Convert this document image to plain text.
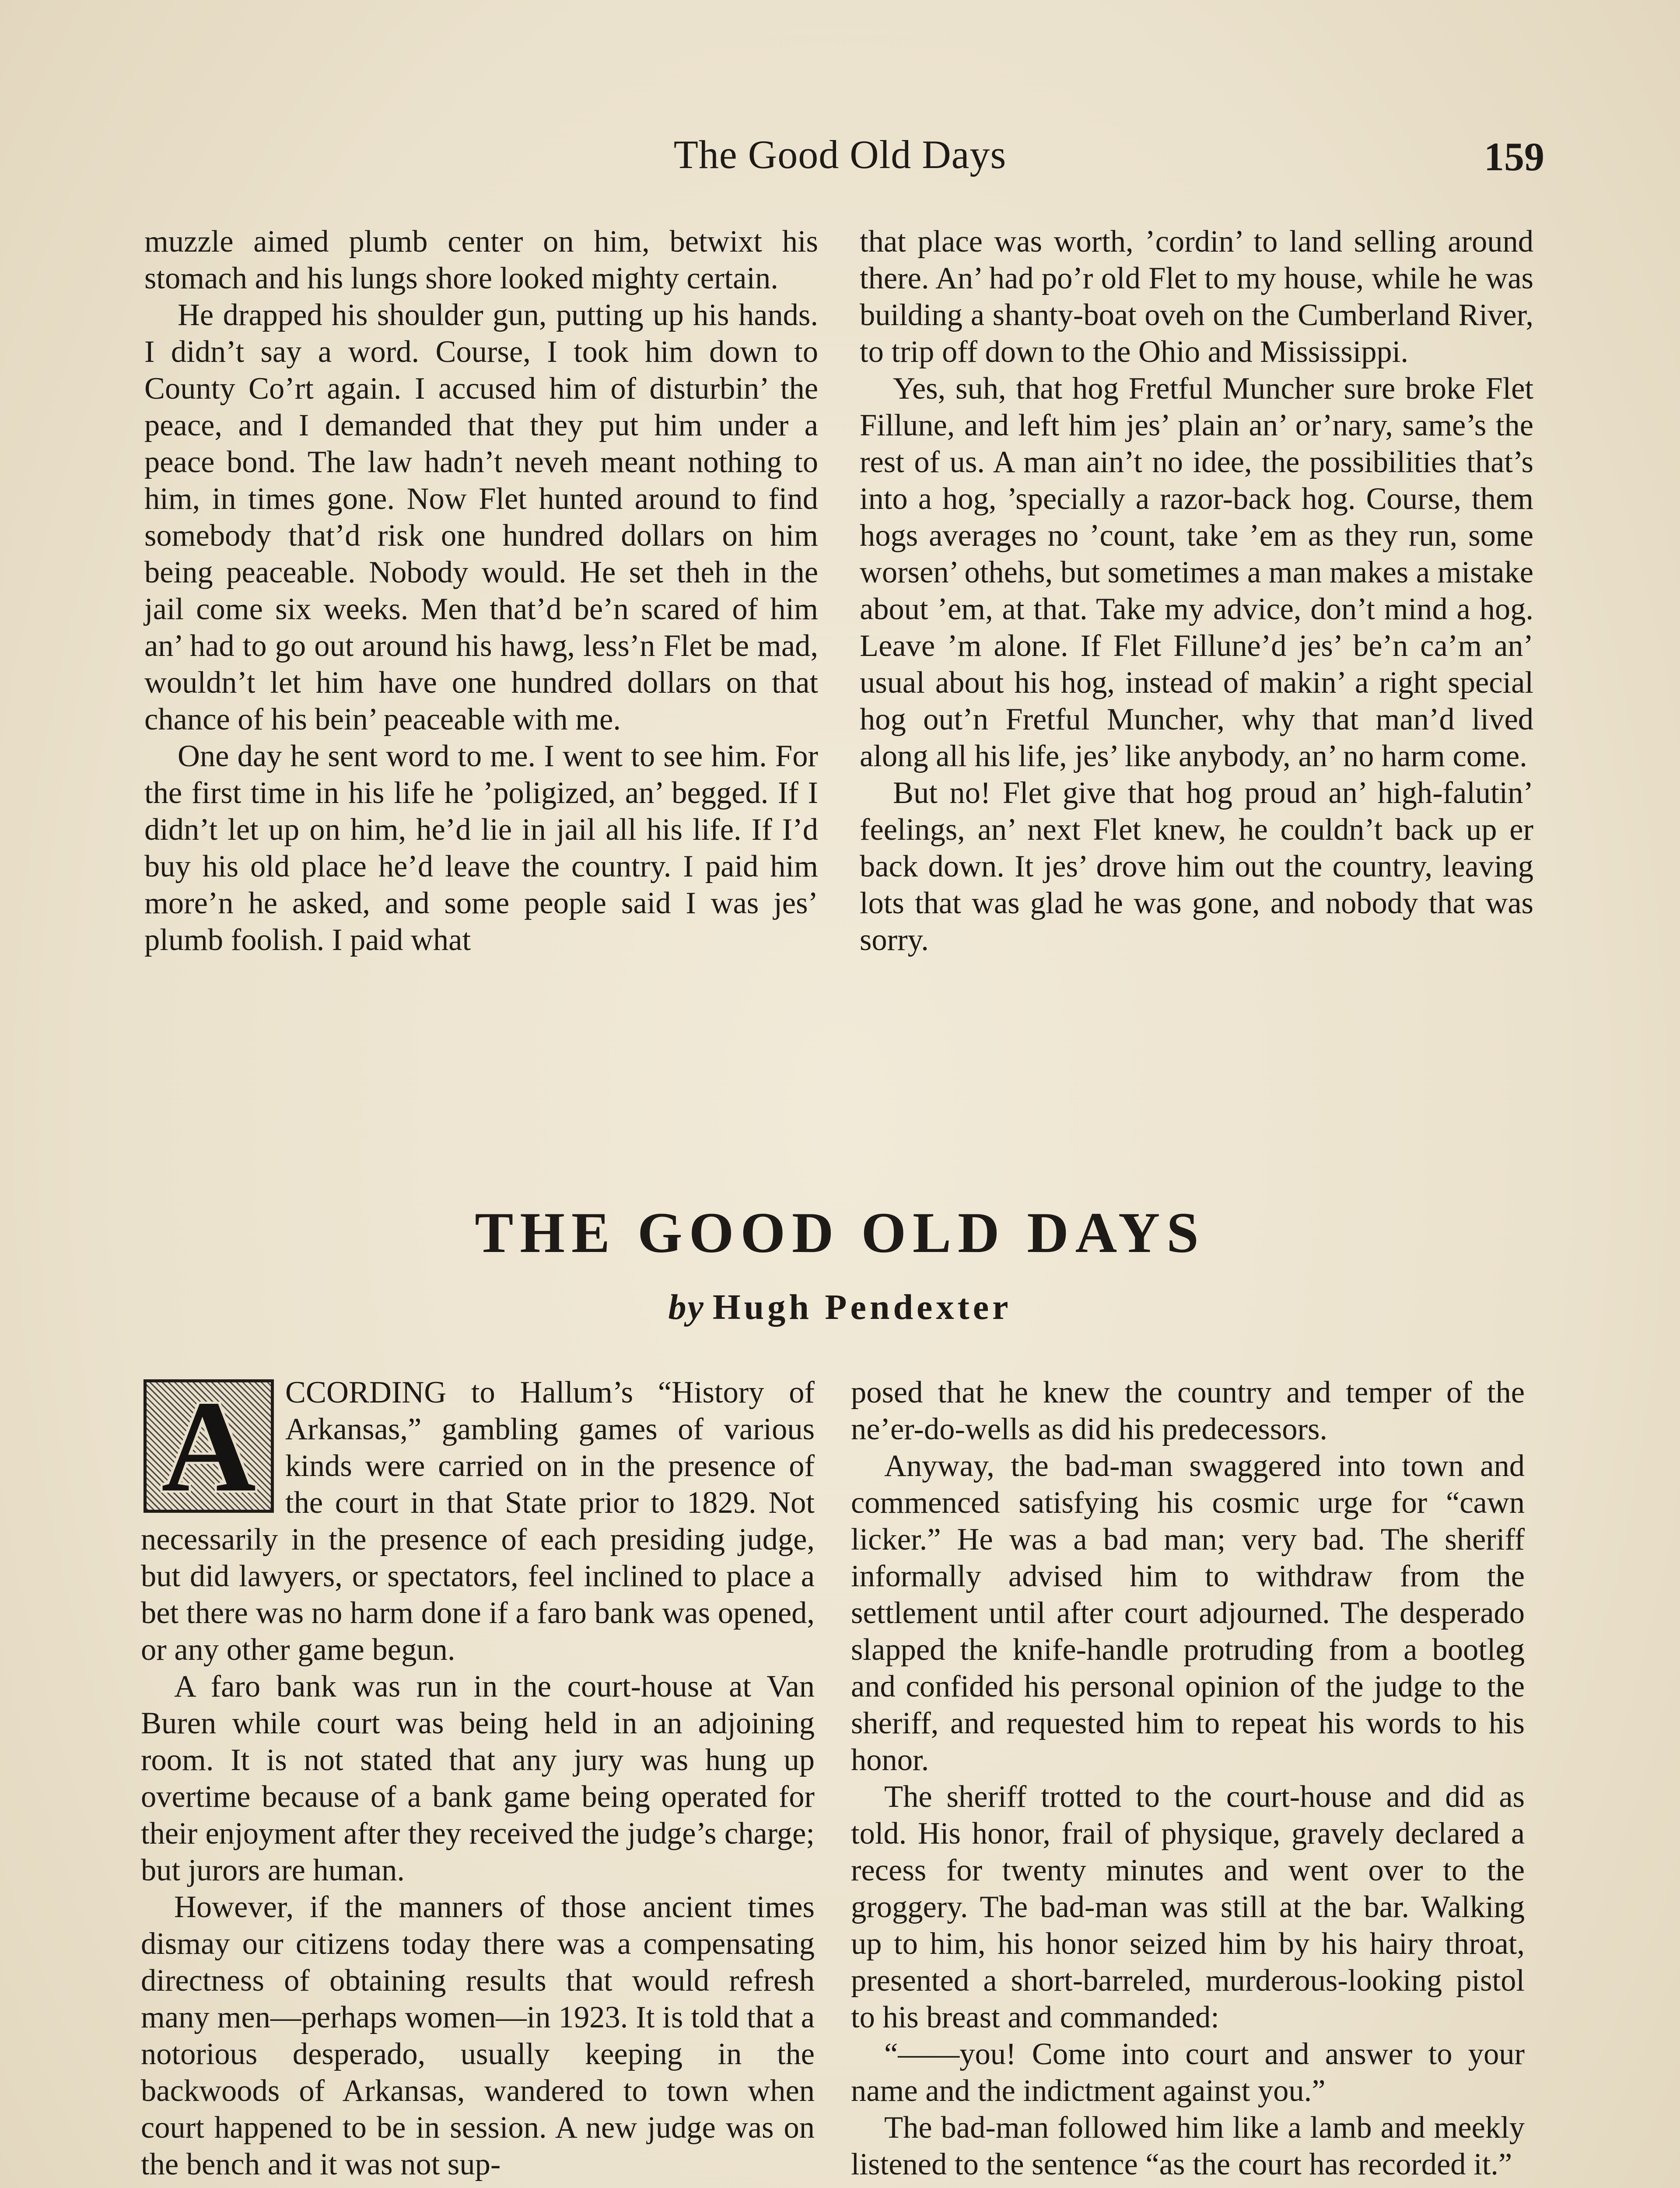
The Good Old Days	159

muzzle aimed plumb center on him, betwixt his stomach and his lungs shore looked mighty certain.

He drapped his shoulder gun, putting up his hands. I didn’t say a word. Course, I took him down to County Co’rt again. I accused him of disturbin’ the peace, and I demanded that they put him under a peace bond. The law hadn’t neveh meant nothing to him, in times gone. Now Flet hunted around to find somebody that’d risk one hundred dollars on him being peaceable. Nobody would. He set theh in the jail come six weeks. Men that’d be’n scared of him an’ had to go out around his hawg, less’n Flet be mad, wouldn’t let him have one hundred dollars on that chance of his bein’ peaceable with me.

One day he sent word to me. I went to see him. For the first time in his life he ’poligized, an’ begged. If I didn’t let up on him, he’d lie in jail all his life. If I’d buy his old place he’d leave the country. I paid him more’n he asked, and some people said I was jes’ plumb foolish. I paid what

that place was worth, ’cordin’ to land selling around there. An’ had po’r old Flet to my house, while he was building a shanty-boat oveh on the Cumberland River, to trip off down to the Ohio and Mississippi.

Yes, suh, that hog Fretful Muncher sure broke Flet Fillune, and left him jes’ plain an’ or’nary, same’s the rest of us. A man ain’t no idee, the possibilities that’s into a hog, ’specially a razor-back hog. Course, them hogs averages no ’count, take ’em as they run, some worsen’ othehs, but sometimes a man makes a mistake about ’em, at that. Take my advice, don’t mind a hog. Leave ’m alone. If Flet Fillune’d jes’ be’n ca’m an’ usual about his hog, instead of makin’ a right special hog out’n Fretful Muncher, why that man’d lived along all his life, jes’ like anybody, an’ no harm come.

But no! Flet give that hog proud an’ high-falutin’ feelings, an’ next Flet knew, he couldn’t back up er back down. It jes’ drove him out the country, leaving lots that was glad he was gone, and nobody that was sorry.

THE GOOD OLD DAYS
by Hugh Pendexter
A CCORDING to Hallum’s “History of Arkansas,” gambling games of various kinds were carried on in the presence of the court in that State prior to 1829. Not necessarily in the presence of each presiding judge, but did lawyers, or spectators, feel inclined to place a bet there was no harm done if a faro bank was opened, or any other game begun.

A faro bank was run in the court-house at Van Buren while court was being held in an adjoining room. It is not stated that any jury was hung up overtime because of a bank game being operated for their enjoyment after they received the judge’s charge; but jurors are human.

However, if the manners of those ancient times dismay our citizens today there was a compensating directness of obtaining results that would refresh many men—perhaps women—in 1923. It is told that a notorious desperado, usually keeping in the backwoods of Arkansas, wandered to town when court happened to be in session. A new judge was on the bench and it was not sup-

posed that he knew the country and temper of the ne’er-do-wells as did his predecessors.

Anyway, the bad-man swaggered into town and commenced satisfying his cosmic urge for “cawn licker.” He was a bad man; very bad. The sheriff informally advised him to withdraw from the settlement until after court adjourned. The desperado slapped the knife-handle protruding from a bootleg and confided his personal opinion of the judge to the sheriff, and requested him to repeat his words to his honor.

The sheriff trotted to the court-house and did as told. His honor, frail of physique, gravely declared a recess for twenty minutes and went over to the groggery. The bad-man was still at the bar. Walking up to him, his honor seized him by his hairy throat, presented a short-barreled, murderous-looking pistol to his breast and commanded:

“——you! Come into court and answer to your name and the indictment against you.”

The bad-man followed him like a lamb and meekly listened to the sentence “as the court has recorded it.”
